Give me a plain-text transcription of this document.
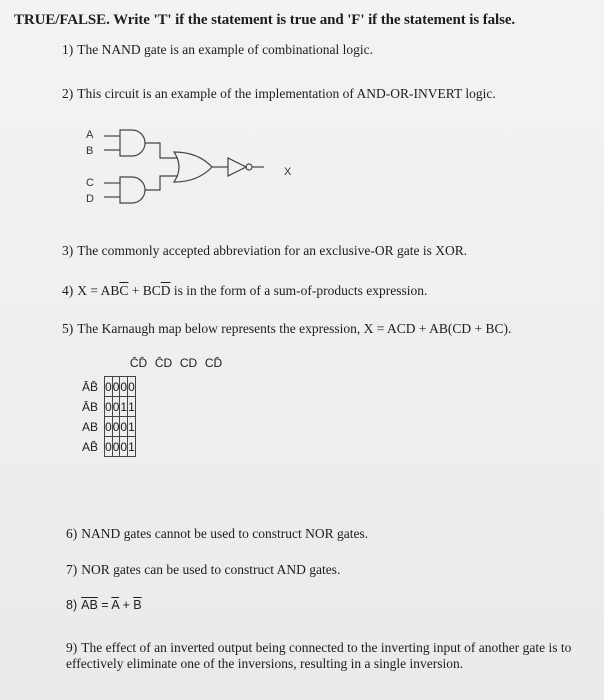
TRUE/FALSE. Write 'T' if the statement is true and 'F' if the statement is false.
1) The NAND gate is an example of combinational logic.
2) This circuit is an example of the implementation of AND-OR-INVERT logic.
A
B
C
D
X
3) The commonly accepted abbreviation for an exclusive-OR gate is XOR.
4) $X = AB\overline{C} + BC\overline{D}$ is in the form of a sum-of-products expression.
5) The Karnaugh map below represents the expression, X = ACD + AB(CD + BC).
C̄D̄ C̄D CD CD̄
ĀB̄	0	0	0	0
ĀB	0	0	1	1
AB	0	0	0	1
AB̄	0	0	0	1
6) NAND gates cannot be used to construct NOR gates.
7) NOR gates can be used to construct AND gates.
8) $\overline{AB} = \overline{A} + \overline{B}$
9) The effect of an inverted output being connected to the inverting input of another gate is to effectively eliminate one of the inversions, resulting in a single inversion.
